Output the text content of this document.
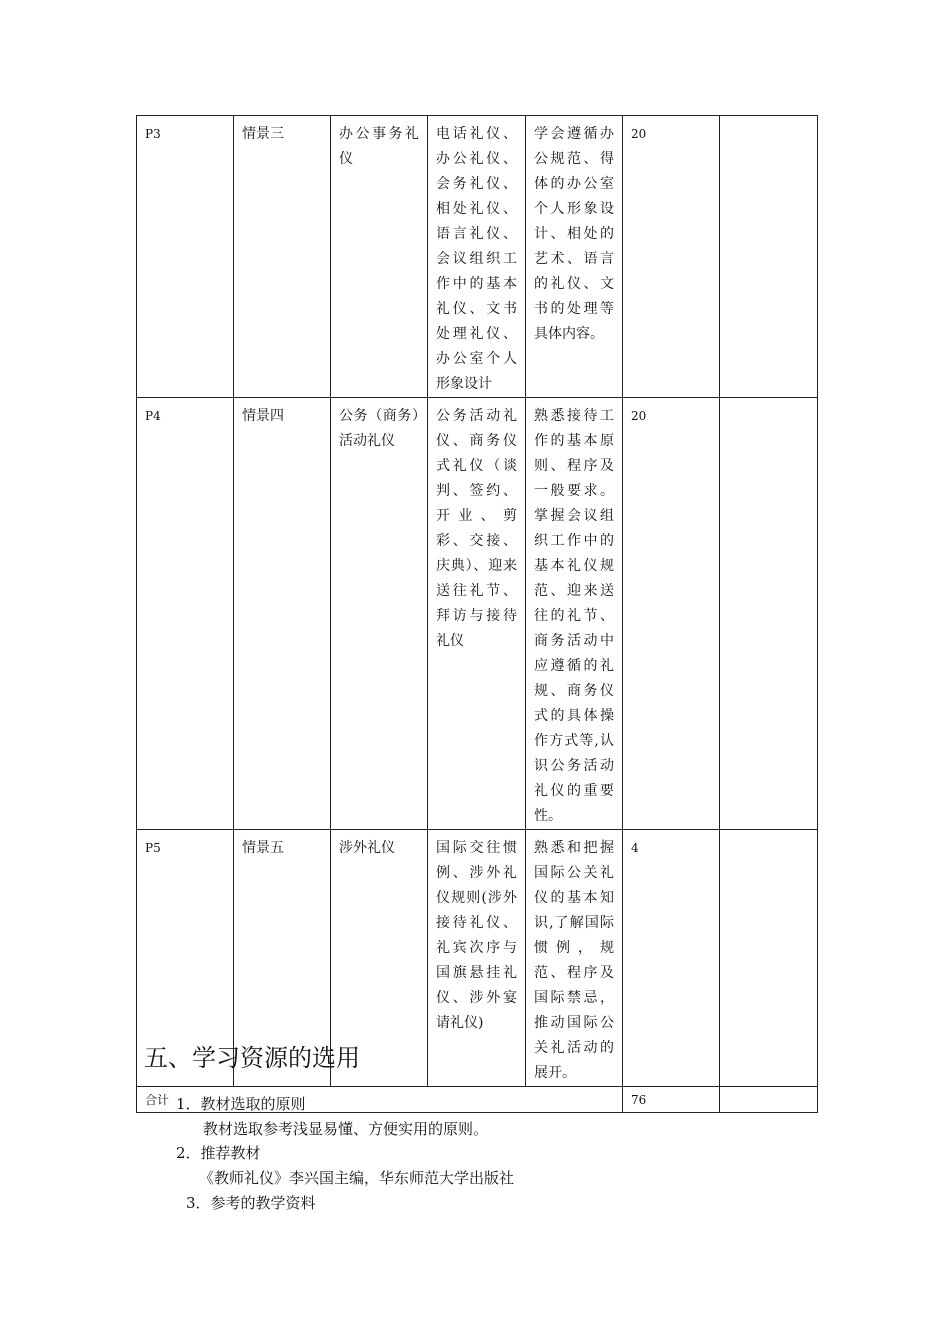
P3	情景三	办公事务礼仪	电话礼仪、办公礼仪、会务礼仪、相处礼仪、语言礼仪、会议组织工作中的基本礼仪、文书处理礼仪、办公室个人形象设计	学会遵循办公规范、得体的办公室个人形象设计、相处的艺术、语言的礼仪、文书的处理等具体内容。	20	
P4	情景四	公务（商务）活动礼仪	公务活动礼仪、商务仪式礼仪（谈判、签约、开业、剪彩、交接、庆典）、迎来送往礼节、拜访与接待礼仪	熟悉接待工作的基本原则、程序及一般要求。掌握会议组织工作中的基本礼仪规范、迎来送往的礼节、商务活动中应遵循的礼规、商务仪式的具体操作方式等,认识公务活动礼仪的重要性。	20	
P5	情景五	涉外礼仪	国际交往惯例、涉外礼仪规则(涉外接待礼仪、礼宾次序与国旗悬挂礼仪、涉外宴请礼仪)	熟悉和把握国际公关礼仪的基本知识,了解国际惯例，规范、程序及国际禁忌，推动国际公关礼活动的展开。	4	
合计					76	
五、学习资源的选用
1．教材选取的原则
教材选取参考浅显易懂、方便实用的原则。
2．推荐教材
《教师礼仪》李兴国主编，华东师范大学出版社
3．参考的教学资料
